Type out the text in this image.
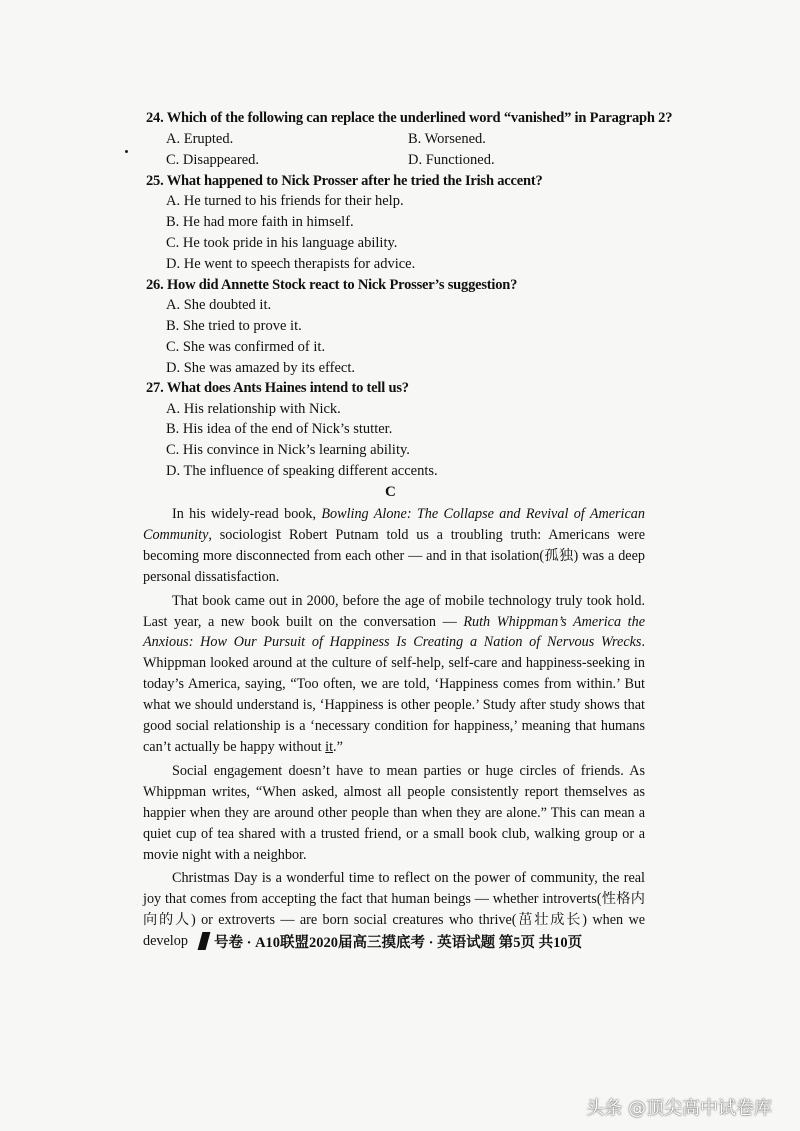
24. Which of the following can replace the underlined word “vanished” in Paragraph 2?
A. Erupted.	B. Worsened.
C. Disappeared.	D. Functioned.
25. What happened to Nick Prosser after he tried the Irish accent?
A. He turned to his friends for their help.
B. He had more faith in himself.
C. He took pride in his language ability.
D. He went to speech therapists for advice.
26. How did Annette Stock react to Nick Prosser’s suggestion?
A. She doubted it.
B. She tried to prove it.
C. She was confirmed of it.
D. She was amazed by its effect.
27. What does Ants Haines intend to tell us?
A. His relationship with Nick.
B. His idea of the end of Nick’s stutter.
C. His convince in Nick’s learning ability.
D. The influence of speaking different accents.
C

In his widely-read book, Bowling Alone: The Collapse and Revival of American Community, sociologist Robert Putnam told us a troubling truth: Americans were becoming more disconnected from each other — and in that isolation(孤独) was a deep personal dissatisfaction.

That book came out in 2000, before the age of mobile technology truly took hold. Last year, a new book built on the conversation — Ruth Whippman’s America the Anxious: How Our Pursuit of Happiness Is Creating a Nation of Nervous Wrecks. Whippman looked around at the culture of self-help, self-care and happiness-seeking in today’s America, saying, “Too often, we are told, ‘Happiness comes from within.’ But what we should understand is, ‘Happiness is other people.’ Study after study shows that good social relationship is a ‘necessary condition for happiness,’ meaning that humans can’t actually be happy without it.”

Social engagement doesn’t have to mean parties or huge circles of friends. As Whippman writes, “When asked, almost all people consistently report themselves as happier when they are around other people than when they are alone.” This can mean a quiet cup of tea shared with a trusted friend, or a small book club, walking group or a movie night with a neighbor.

Christmas Day is a wonderful time to reflect on the power of community, the real joy that comes from accepting the fact that human beings — whether introverts(性格内向的人) or extroverts — are born social creatures who thrive(茁壮成长) when we develop	号卷 · A10联盟2020届高三摸底考 · 英语试题 第5页 共10页
头条 @顶尖高中试卷库
